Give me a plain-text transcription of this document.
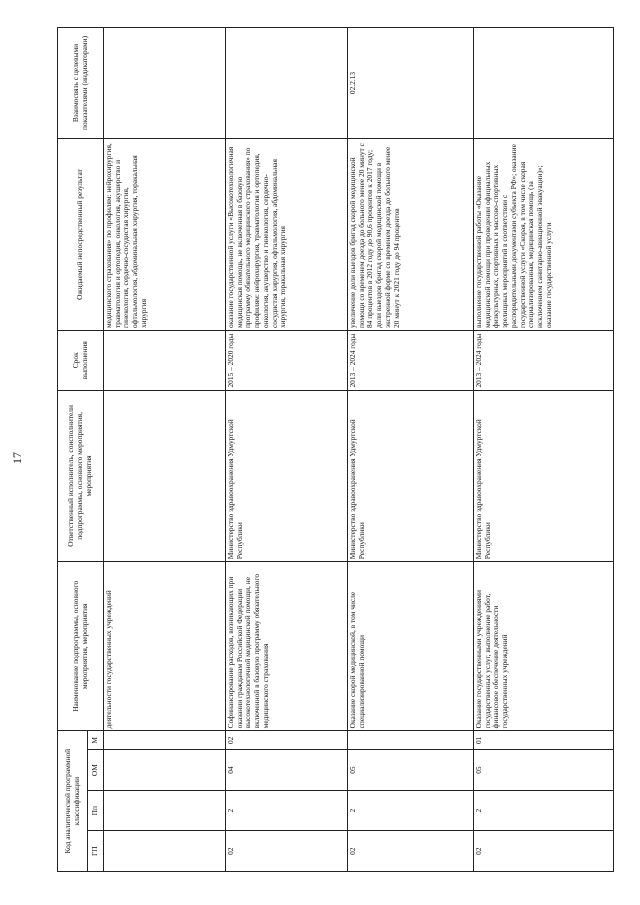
Код аналитической программной классификации				Наименование подпрограммы, основного мероприятия, мероприятия	Ответственный исполнитель, соисполнители подпрограммы, основного мероприятия, мероприятия	Срок выполнения	Ожидаемый непосредственный результат	Взаимосвязь с целевыми показателями (индикаторами)
ГП	Пп	ОМ	М					
				деятельности государственных учреждений			медицинского страхования» по профилям: нейрохирургия, травматология и ортопедия, онкология, акушерство и гинекология, сердечно-сосудистая хирургия, офтальмология, абдоминальная хирургия, торакальная хирургия	
02	2	04	02	Софинансирование расходов, возникающих при оказании гражданам Российской Федерации высокотехнологичной медицинской помощи, не включенной в базовую программу обязательного медицинского страхования	Министерство здравоохранения Удмуртской Республики	2015 – 2020 годы	оказание государственной услуги «Высокотехнологичная медицинская помощь, не включенная в базовую программу обязательного медицинского страхования» по профилям: нейрохирургия, травматология и ортопедия, онкология, акушерство и гинекология, сердечно-сосудистая хирургия, офтальмология, абдоминальная хирургия, торакальная хирургия	
02	2	05		Оказание скорой медицинской, в том числе специализированной помощи	Министерство здравоохранения Удмуртской Республики	2013 – 2024 годы	увеличение доли выездов бригад скорой медицинской помощи со временем доезда до больного менее 20 минут с 84 процентов в 2012 году до 90,6 процентов к 2017 году; доли выездов бригад скорой медицинской помощи в экстренной форме со временем доезда до больного менее 20 минут к 2021 году до 94 процентов	02.2.13
02	2	05	01	Оказание государственными учреждениями государственных услуг, выполнение работ, финансовое обеспечение деятельности государственных учреждений	Министерство здравоохранения Удмуртской Республики	2013 – 2024 годы	выполнение государственной работы «Оказание медицинской помощи при проведении официальных физкультурных, спортивных и массово-спортивных зрелищных мероприятий в соответствии с распорядительными документами субъекта РФ»; оказание государственной услуги «Скорая, в том числе скорая специализированная, медицинская помощь (за исключением санитарно-авиационной эвакуации)»; оказание государственной услуги	
17
